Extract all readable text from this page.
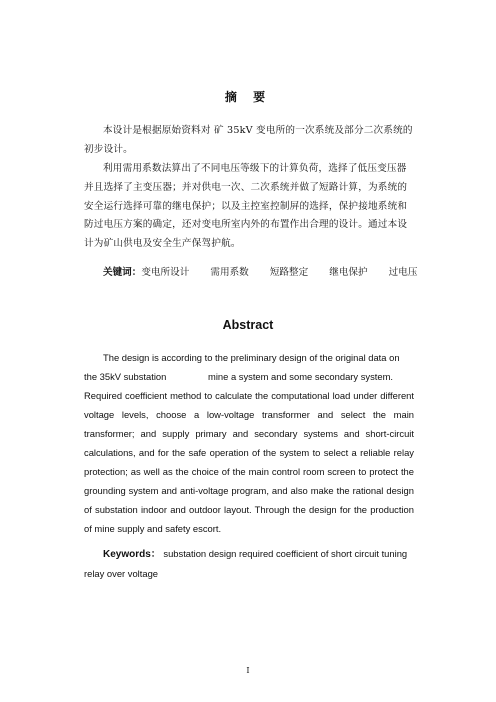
摘 要

本设计是根据原始资料对 矿 35kV 变电所的一次系统及部分二次系统的初步设计。

利用需用系数法算出了不同电压等级下的计算负荷，选择了低压变压器并且选择了主变压器；并对供电一次、二次系统并做了短路计算，为系统的安全运行选择可靠的继电保护；以及主控室控制屏的选择，保护接地系统和防过电压方案的确定，还对变电所室内外的布置作出合理的设计。通过本设计为矿山供电及安全生产保驾护航。

关键词：变电所设计 需用系数 短路整定 继电保护 过电压
Abstract

The design is according to the preliminary design of the original data on the 35kV substation                mine a system and some secondary system.

Required coefficient method to calculate the computational load under different voltage levels, choose a low-voltage transformer and select the main transformer; and supply primary and secondary systems and short-circuit calculations, and for the safe operation of the system to select a reliable relay protection; as well as the choice of the main control room screen to protect the grounding system and anti-voltage program, and also make the rational design of substation indoor and outdoor layout. Through the design for the production of mine supply and safety escort.

Keywords： substation design required coefficient of short circuit tuning relay over voltage
I
